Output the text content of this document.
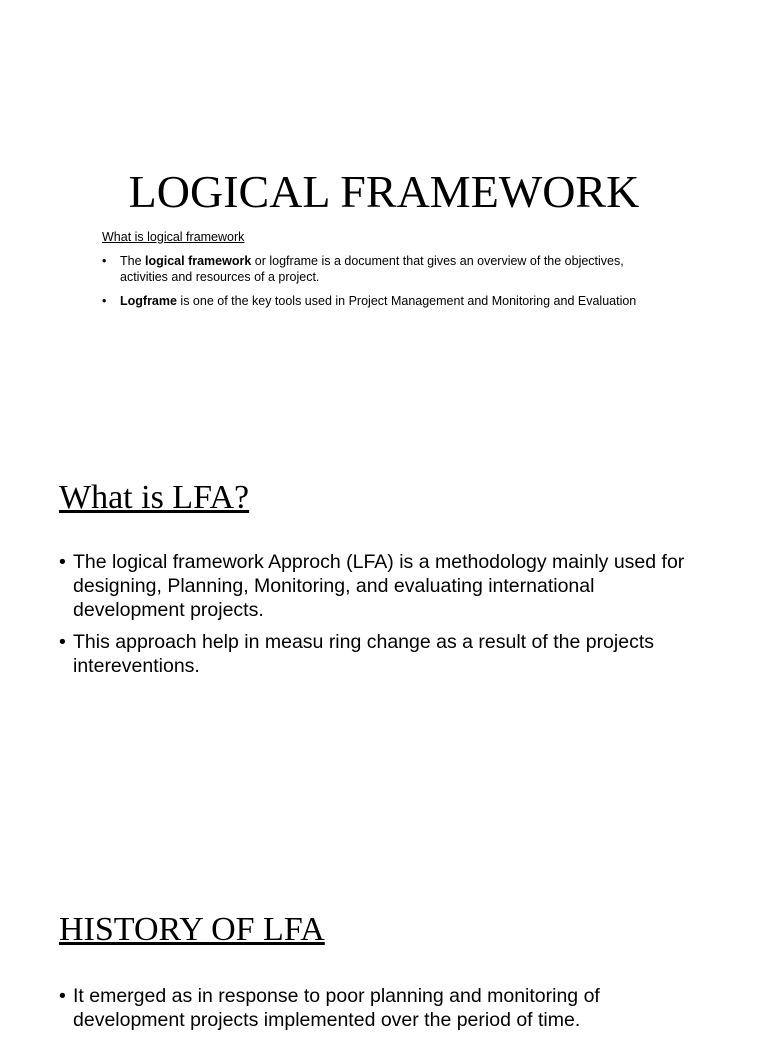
LOGICAL FRAMEWORK

What is logical framework

• The logical framework or logframe is a document that gives an overview of the objectives, activities and resources of a project.
• Logframe is one of the key tools used in Project Management and Monitoring and Evaluation
What is LFA?
• The logical framework Approch (LFA) is a methodology mainly used for designing, Planning, Monitoring, and evaluating international development projects.
• This approach help in measu ring change as a result of the projects intereventions.
HISTORY OF LFA
• It emerged as in response to poor planning and monitoring of development projects implemented over the period of time.
